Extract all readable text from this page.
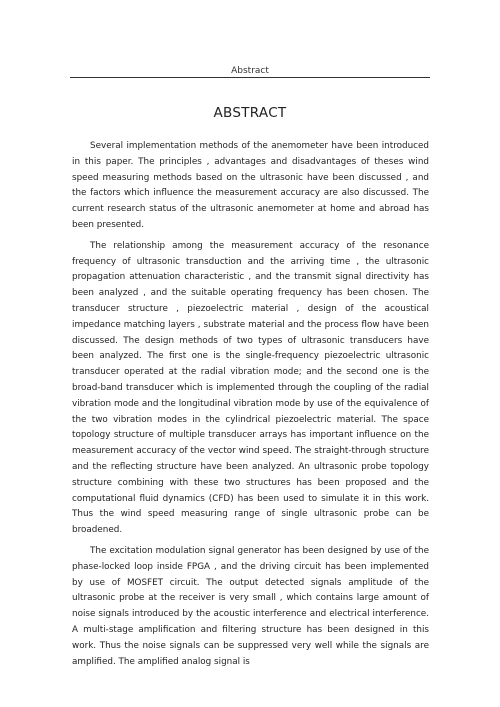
Abstract
ABSTRACT

Several implementation methods of the anemometer have been introduced in this paper. The principles , advantages and disadvantages of theses wind speed measuring methods based on the ultrasonic have been discussed , and the factors which influence the measurement accuracy are also discussed. The current research status of the ultrasonic anemometer at home and abroad has been presented.

The relationship among the measurement accuracy of the resonance frequency of ultrasonic transduction and the arriving time , the ultrasonic propagation attenuation characteristic , and the transmit signal directivity has been analyzed , and the suitable operating frequency has been chosen. The transducer structure , piezoelectric material , design of the acoustical impedance matching layers , substrate material and the process flow have been discussed. The design methods of two types of ultrasonic transducers have been analyzed. The first one is the single-frequency piezoelectric ultrasonic transducer operated at the radial vibration mode; and the second one is the broad-band transducer which is implemented through the coupling of the radial vibration mode and the longitudinal vibration mode by use of the equivalence of the two vibration modes in the cylindrical piezoelectric material. The space topology structure of multiple transducer arrays has important influence on the measurement accuracy of the vector wind speed. The straight-through structure and the reflecting structure have been analyzed. An ultrasonic probe topology structure combining with these two structures has been proposed and the computational fluid dynamics (CFD) has been used to simulate it in this work. Thus the wind speed measuring range of single ultrasonic probe can be broadened.

The excitation modulation signal generator has been designed by use of the phase-locked loop inside FPGA , and the driving circuit has been implemented by use of MOSFET circuit. The output detected signals amplitude of the ultrasonic probe at the receiver is very small , which contains large amount of noise signals introduced by the acoustic interference and electrical interference. A multi-stage amplification and filtering structure has been designed in this work. Thus the noise signals can be suppressed very well while the signals are amplified. The amplified analog signal is
